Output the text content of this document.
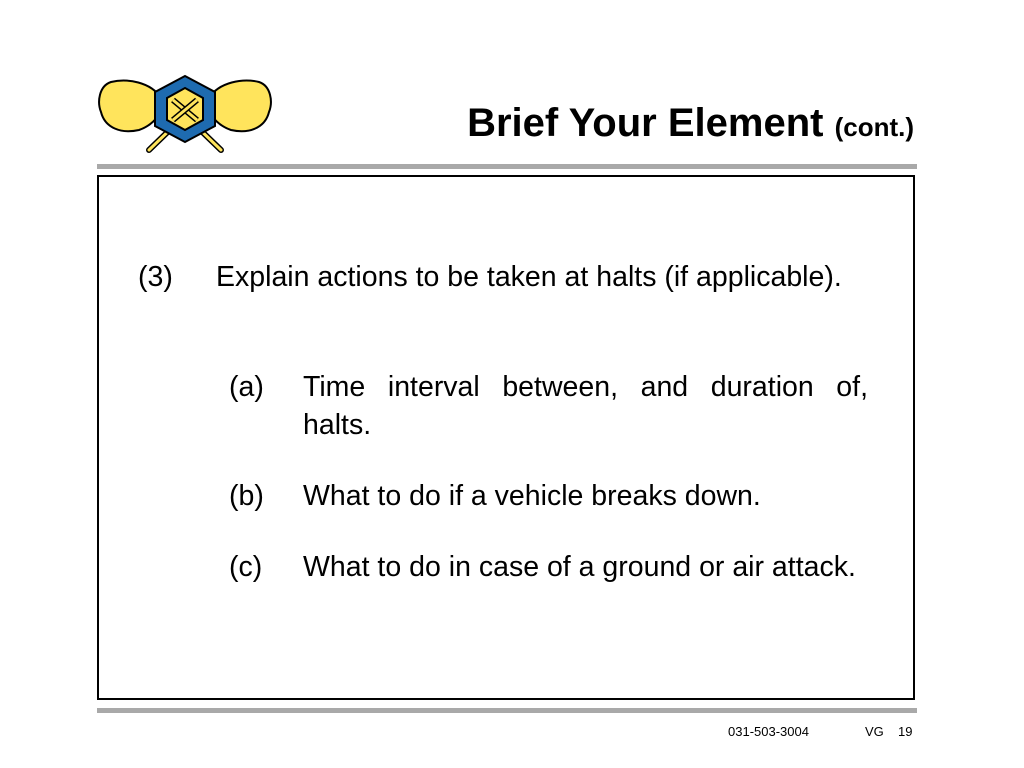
Brief Your Element (cont.)
(3) Explain actions to be taken at halts (if applicable).
(a) Time interval between, and duration of, halts.
(b) What to do if a vehicle breaks down.
(c) What to do in case of a ground or air attack.
031-503-3004	VG 19
